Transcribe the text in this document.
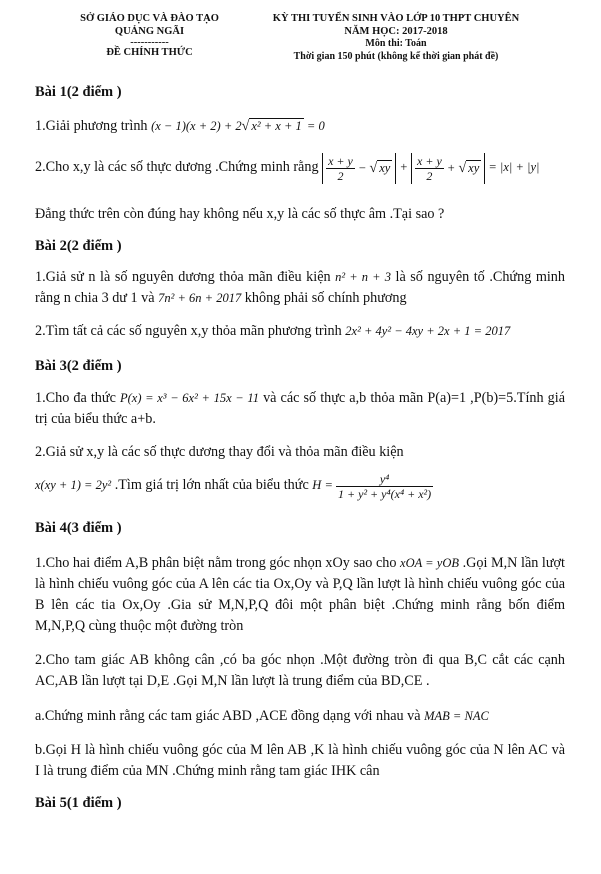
SỞ GIÁO DỤC VÀ ĐÀO TẠO
QUẢNG NGÃI
-----------
ĐỀ CHÍNH THỨC
KỲ THI TUYỂN SINH VÀO LỚP 10 THPT CHUYÊN
NĂM HỌC: 2017-2018
Môn thi: Toán
Thời gian 150 phút (không kể thời gian phát đề)
Bài 1(2 điểm )
1.Giải phương trình (x − 1)(x + 2) + 2√ x² + x + 1 = 0
2.Cho x,y là các số thực dương .Chứng minh rằng $\frac{x + y}{2}$ − √ xy + $\frac{x + y}{2}$ + √ xy = |x| + |y|
Đẳng thức trên còn đúng hay không nếu x,y là các số thực âm .Tại sao ?
Bài 2(2 điểm )
1.Giả sử n là số nguyên dương thỏa mãn điều kiện n² + n + 3 là số nguyên tố .Chứng minh rằng n chia 3 dư 1 và 7n² + 6n + 2017 không phải số chính phương
2.Tìm tất cả các số nguyên x,y thỏa mãn phương trình 2x² + 4y² − 4xy + 2x + 1 = 2017
Bài 3(2 điểm )
1.Cho đa thức P(x) = x³ − 6x² + 15x − 11 và các số thực a,b thỏa mãn P(a)=1 ,P(b)=5.Tính giá trị của biểu thức a+b.
2.Giả sử x,y là các số thực dương thay đổi và thỏa mãn điều kiện
x(xy + 1) = 2y² .Tìm giá trị lớn nhất của biểu thức $H = \frac{\text{y⁴}}{\text{1 + y² + y⁴(x⁴ + x²)}}$
Bài 4(3 điểm )
1.Cho hai điểm A,B phân biệt nằm trong góc nhọn xOy sao cho xOA = yOB .Gọi M,N lần lượt là hình chiếu vuông góc của A lên các tia Ox,Oy và P,Q lần lượt là hình chiếu vuông góc của B lên các tia Ox,Oy .Gia sử M,N,P,Q đôi một phân biệt .Chứng minh rằng bốn điểm M,N,P,Q cùng thuộc một đường tròn
2.Cho tam giác AB không cân ,có ba góc nhọn .Một đường tròn đi qua B,C cắt các cạnh AC,AB lần lượt tại D,E .Gọi M,N lần lượt là trung điểm của BD,CE .
a.Chứng minh rằng các tam giác ABD ,ACE đồng dạng với nhau và MAB = NAC
b.Gọi H là hình chiếu vuông góc của M lên AB ,K là hình chiếu vuông góc của N lên AC và I là trung điểm của MN .Chứng minh rằng tam giác IHK cân
Bài 5(1 điểm )
